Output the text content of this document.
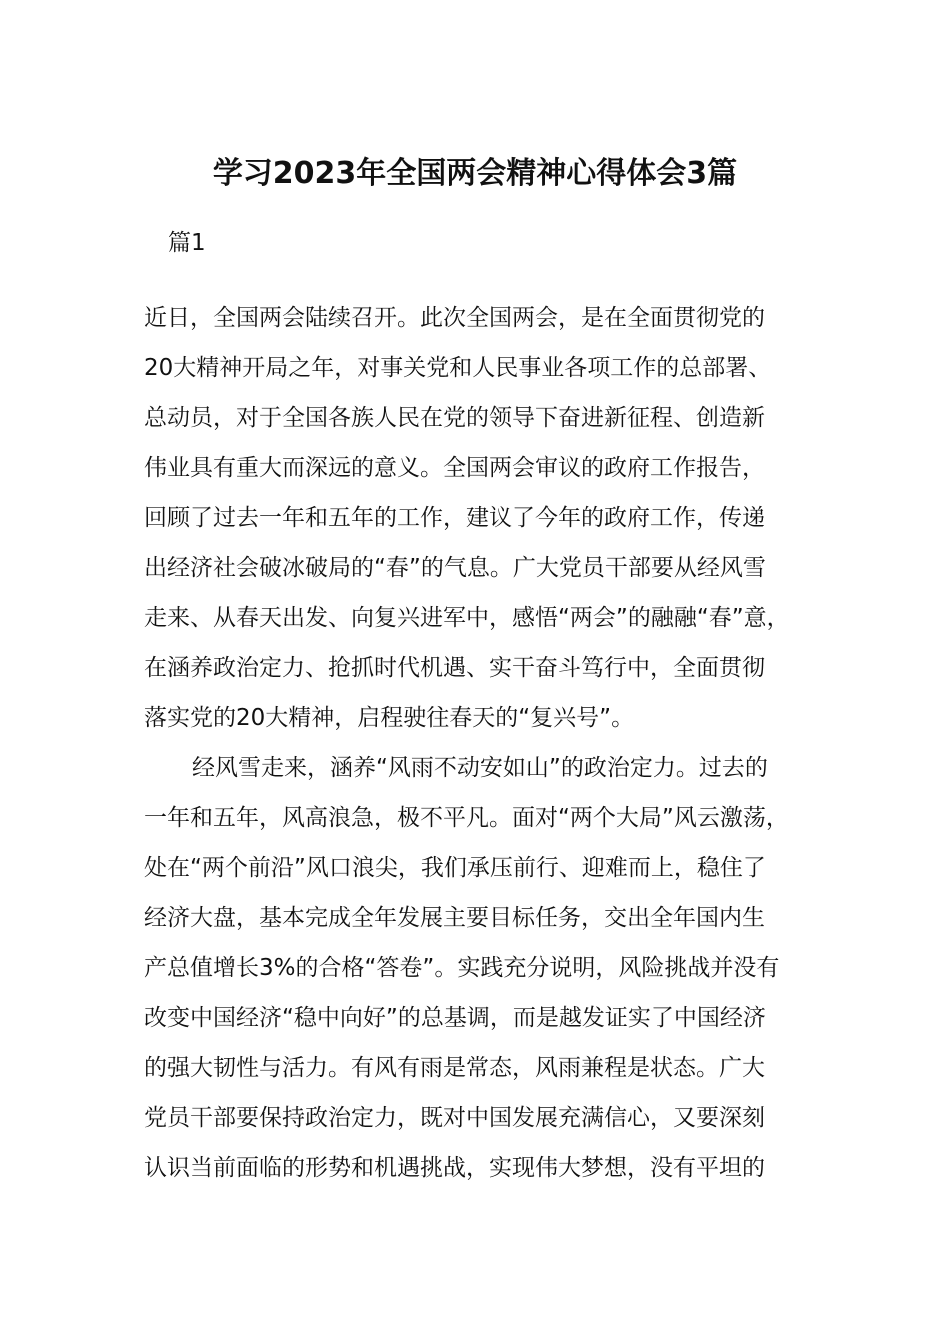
学习2023年全国两会精神心得体会3篇
篇1
近日，全国两会陆续召开。此次全国两会，是在全面贯彻党的
20大精神开局之年，对事关党和人民事业各项工作的总部署、
总动员，对于全国各族人民在党的领导下奋进新征程、创造新
伟业具有重大而深远的意义。全国两会审议的政府工作报告，
回顾了过去一年和五年的工作，建议了今年的政府工作，传递
出经济社会破冰破局的“春”的气息。广大党员干部要从经风雪
走来、从春天出发、向复兴进军中，感悟“两会”的融融“春”意，
在涵养政治定力、抢抓时代机遇、实干奋斗笃行中，全面贯彻
落实党的20大精神，启程驶往春天的“复兴号”。
经风雪走来，涵养“风雨不动安如山”的政治定力。过去的
一年和五年，风高浪急，极不平凡。面对“两个大局”风云激荡，
处在“两个前沿”风口浪尖，我们承压前行、迎难而上，稳住了
经济大盘，基本完成全年发展主要目标任务，交出全年国内生
产总值增长3%的合格“答卷”。实践充分说明，风险挑战并没有
改变中国经济“稳中向好”的总基调，而是越发证实了中国经济
的强大韧性与活力。有风有雨是常态，风雨兼程是状态。广大
党员干部要保持政治定力，既对中国发展充满信心，又要深刻
认识当前面临的形势和机遇挑战，实现伟大梦想，没有平坦的
